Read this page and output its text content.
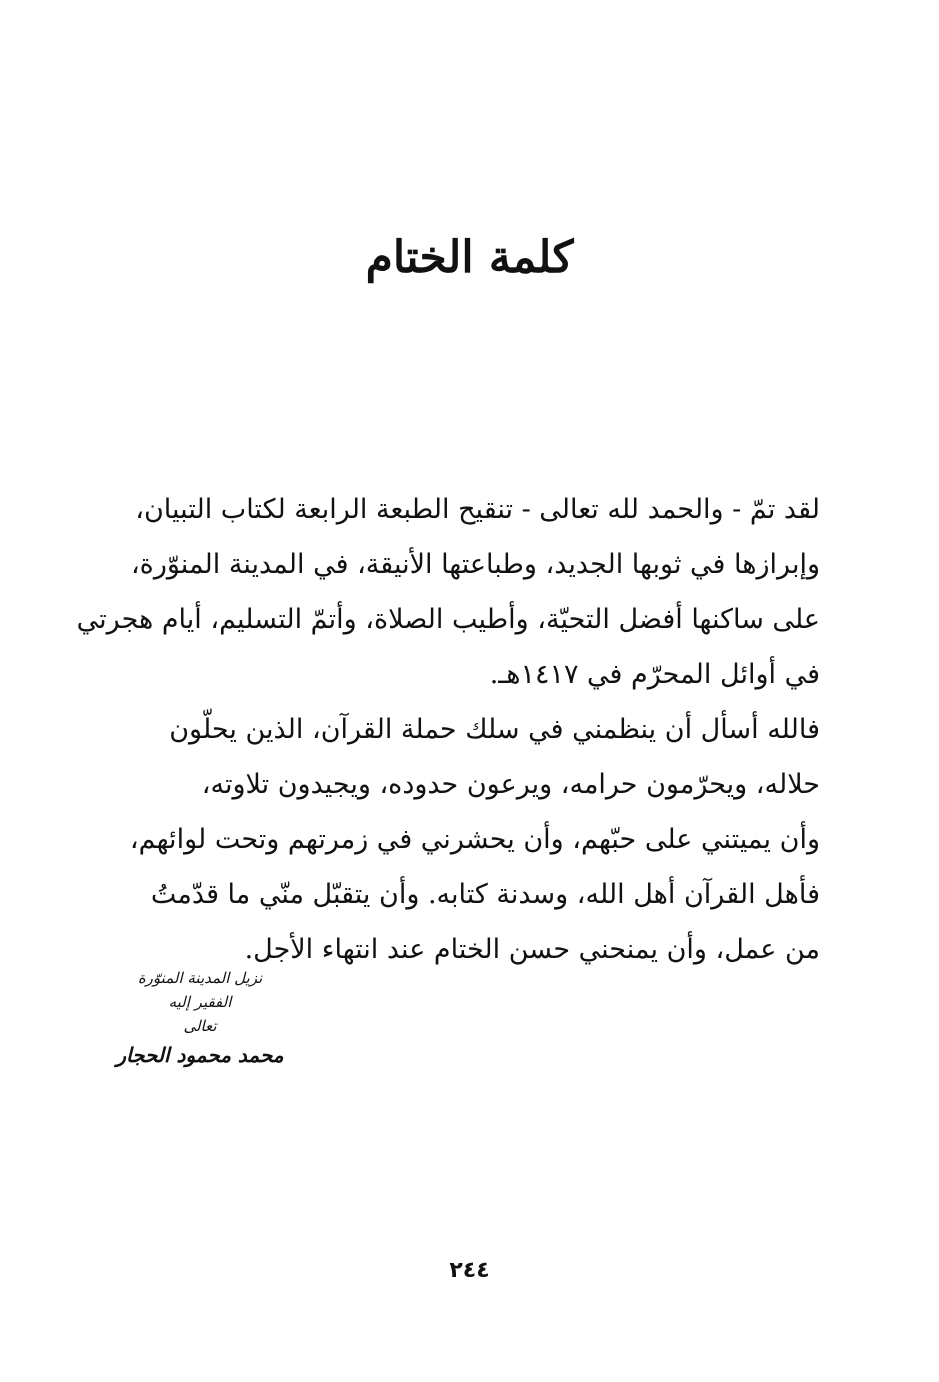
كلمة الختام
لقد تمّ - والحمد لله تعالى - تنقيح الطبعة الرابعة لكتاب التبيان،
وإبرازها في ثوبها الجديد، وطباعتها الأنيقة، في المدينة المنوّرة،
على ساكنها أفضل التحيّة، وأطيب الصلاة، وأتمّ التسليم، أيام هجرتي
في أوائل المحرّم في ١٤١٧هـ.
فالله أسأل أن ينظمني في سلك حملة القرآن، الذين يحلّون
حلاله، ويحرّمون حرامه، ويرعون حدوده، ويجيدون تلاوته،
وأن يميتني على حبّهم، وأن يحشرني في زمرتهم وتحت لوائهم،
فأهل القرآن أهل الله، وسدنة كتابه. وأن يتقبّل منّي ما قدّمتُ
من عمل، وأن يمنحني حسن الختام عند انتهاء الأجل.
نزيل المدينة المنوّرة
الفقير إليه
تعالى
محمد محمود الحجار
٢٤٤
